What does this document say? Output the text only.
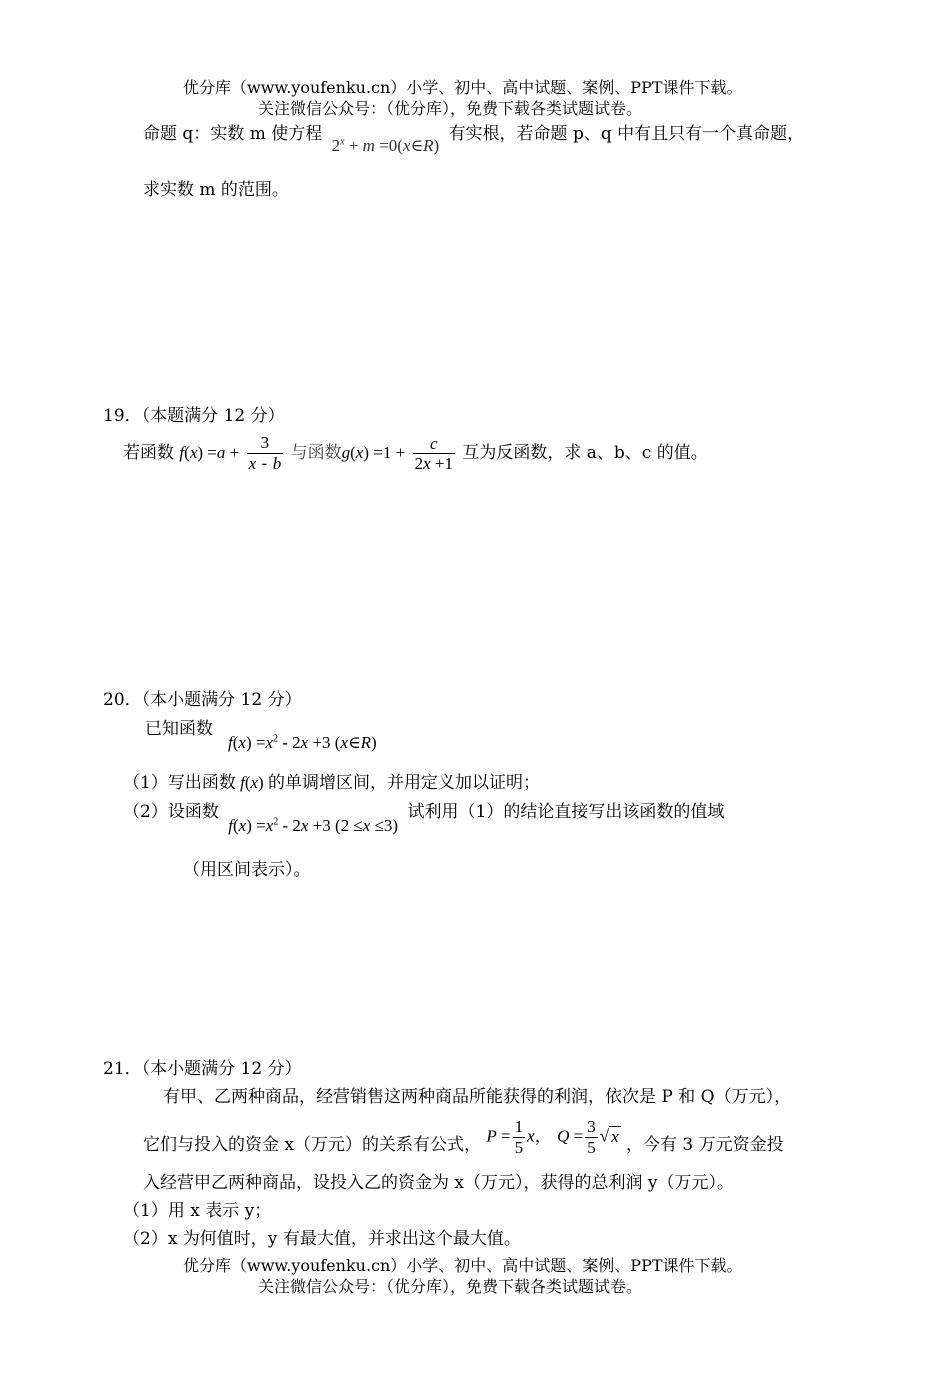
优分库（www.youfenku.cn）小学、初中、高中试题、案例、PPT课件下载。
关注微信公众号：（优分库），免费下载各类试题试卷。
命题 q：实数 m 使方程 $2^x + m$ =0(x∈R) 有实根，若命题 p、q 中有且只有一个真命题，
求实数 m 的范围。
19．（本题满分 12 分）
若函数 $f(x) =a + \frac{3}{x - b}$ 与函数$g(x) =1 + \frac{c}{2x +1}$ 互为反函数，求 a、b、c 的值。
20．（本小题满分 12 分）
已知函数
$f(x) =x^2 - 2x +3$ (x∈R)
（1）写出函数 f(x) 的单调增区间，并用定义加以证明；
（2）设函数 $f(x) =x^2 - 2x +3$ (2 ≤x ≤3) 试利用（1）的结论直接写出该函数的值域
（用区间表示）。
21．（本小题满分 12 分）
有甲、乙两种商品，经营销售这两种商品所能获得的利润，依次是 P 和 Q（万元），
它们与投入的资金 x（万元）的关系有公式， $P = \frac{1}{5}$ x， $Q = \frac{3}{5}$ √ x ，今有 3 万元资金投
入经营甲乙两种商品，设投入乙的资金为 x（万元），获得的总利润 y（万元）。
（1）用 x 表示 y；
（2）x 为何值时，y 有最大值，并求出这个最大值。
优分库（www.youfenku.cn）小学、初中、高中试题、案例、PPT课件下载。
关注微信公众号：（优分库），免费下载各类试题试卷。
